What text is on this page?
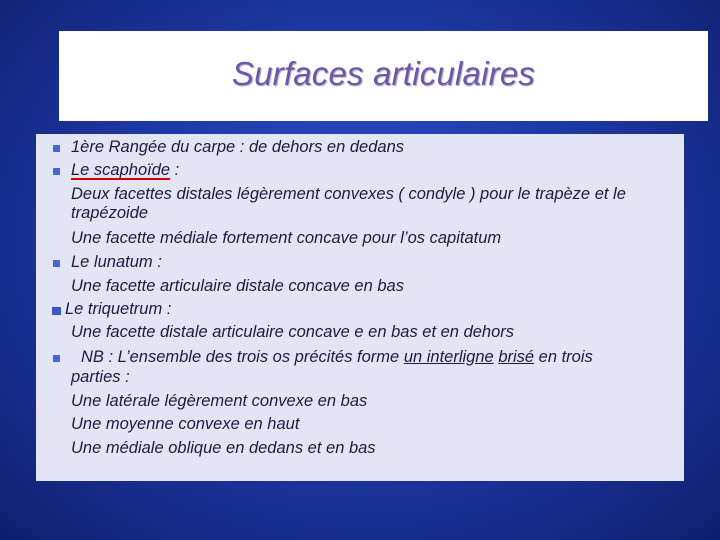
Surfaces articulaires
1ère Rangée du carpe : de dehors en dedans
Le scaphoïde :
Deux facettes distales légèrement convexes ( condyle ) pour le trapèze et le
trapézoide
Une facette médiale fortement concave pour l’os capitatum
Le lunatum :
Une facette articulaire distale concave en bas
Le triquetrum :
Une facette distale articulaire concave e en bas et en dehors
NB : L’ensemble des trois os précités forme un interligne brisé en trois
parties :
Une latérale légèrement convexe en bas
Une moyenne convexe en haut
Une médiale oblique en dedans et en bas
